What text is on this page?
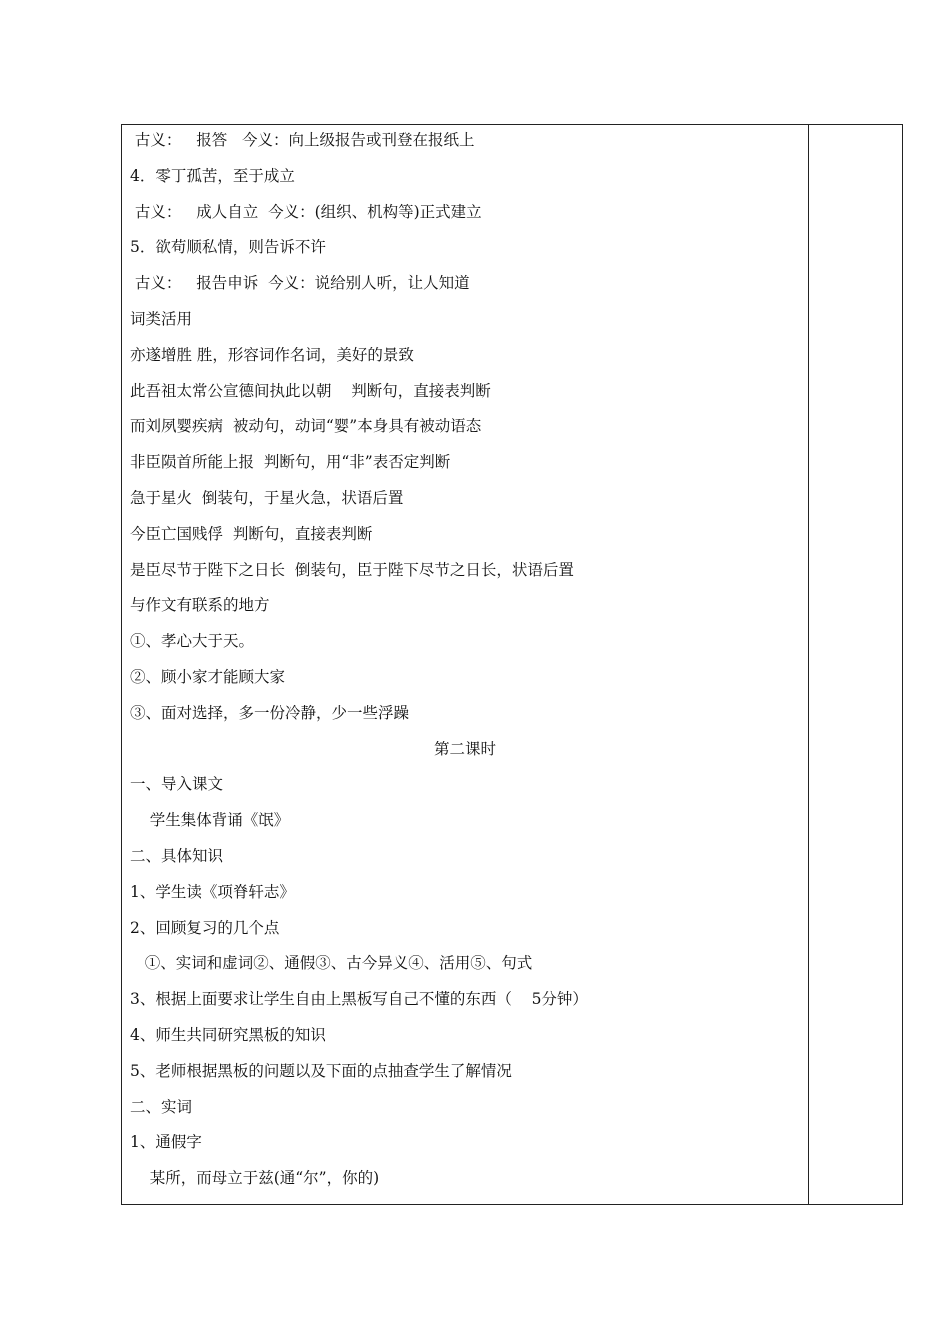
古义：   报答   今义：向上级报告或刊登在报纸上
4．零丁孤苦，至于成立
古义：   成人自立  今义：(组织、机构等)正式建立
5．欲苟顺私情，则告诉不许
古义：   报告申诉  今义：说给别人听，让人知道
词类活用
亦遂增胜 胜，形容词作名词，美好的景致
此吾祖太常公宣德间执此以朝    判断句，直接表判断
而刘夙婴疾病  被动句，动词“婴”本身具有被动语态
非臣陨首所能上报  判断句，用“非”表否定判断
急于星火  倒装句，于星火急，状语后置
今臣亡国贱俘  判断句，直接表判断
是臣尽节于陛下之日长  倒装句，臣于陛下尽节之日长，状语后置
与作文有联系的地方
①、孝心大于天。
②、顾小家才能顾大家
③、面对选择，多一份冷静，少一些浮躁
第二课时
一、导入课文
学生集体背诵《氓》
二、具体知识
1、学生读《项脊轩志》
2、回顾复习的几个点
①、实词和虚词②、通假③、古今异义④、活用⑤、句式
3、根据上面要求让学生自由上黑板写自己不懂的东西（    5分钟）
4、师生共同研究黑板的知识
5、老师根据黑板的问题以及下面的点抽查学生了解情况
二、实词
1、通假字
某所，而母立于兹(通“尔”，你的)
